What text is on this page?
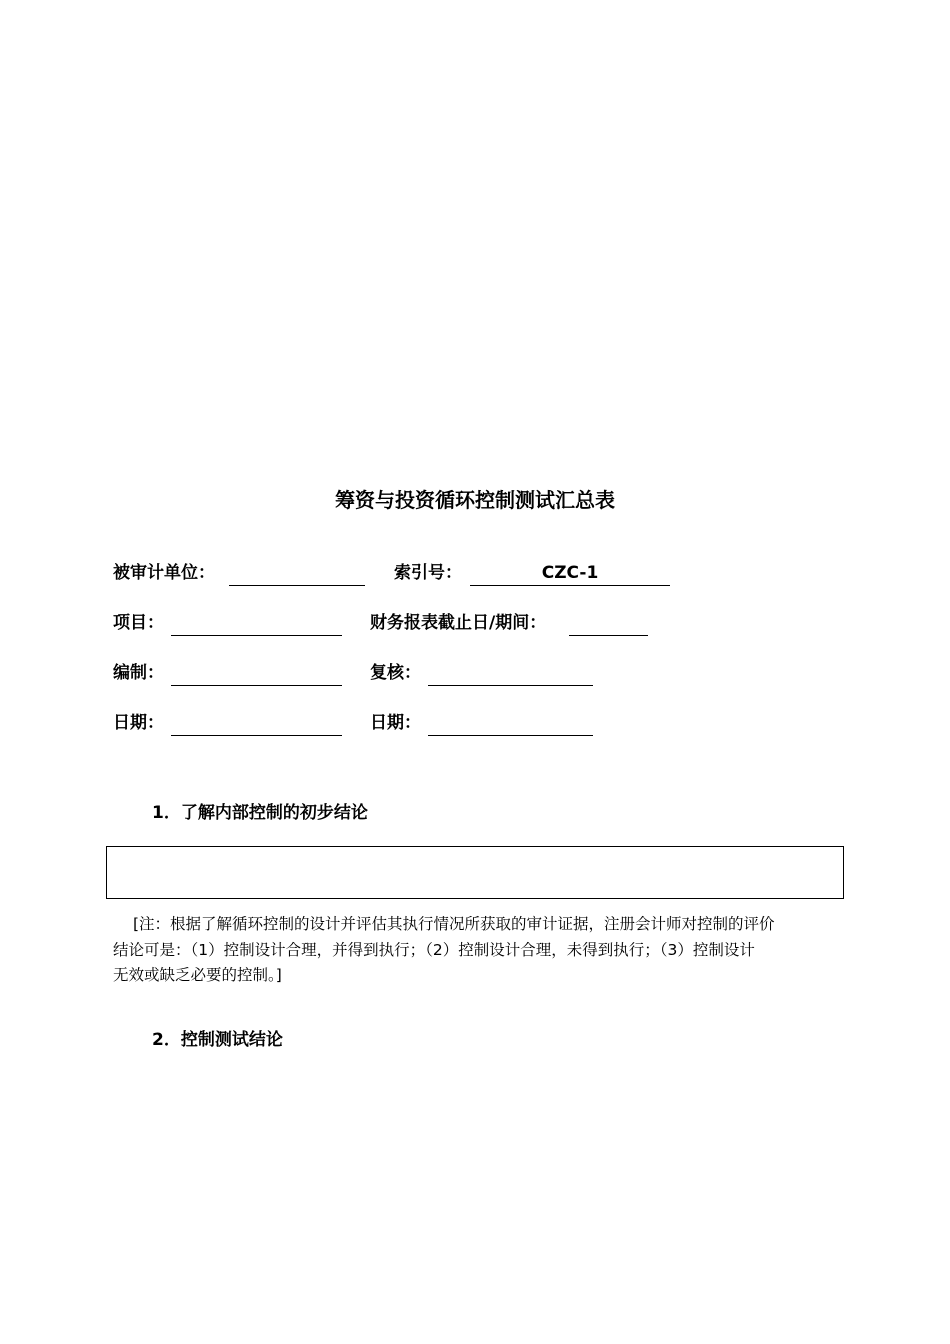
筹资与投资循环控制测试汇总表
被审计单位：	索引号：	CZC-1
项目：	财务报表截止日/期间：
编制：	复核：
日期：	日期：
1．了解内部控制的初步结论
[注：根据了解循环控制的设计并评估其执行情况所获取的审计证据，注册会计师对控制的评价
结论可是：（1）控制设计合理，并得到执行；（2）控制设计合理，未得到执行；（3）控制设计
无效或缺乏必要的控制。]
2．控制测试结论
